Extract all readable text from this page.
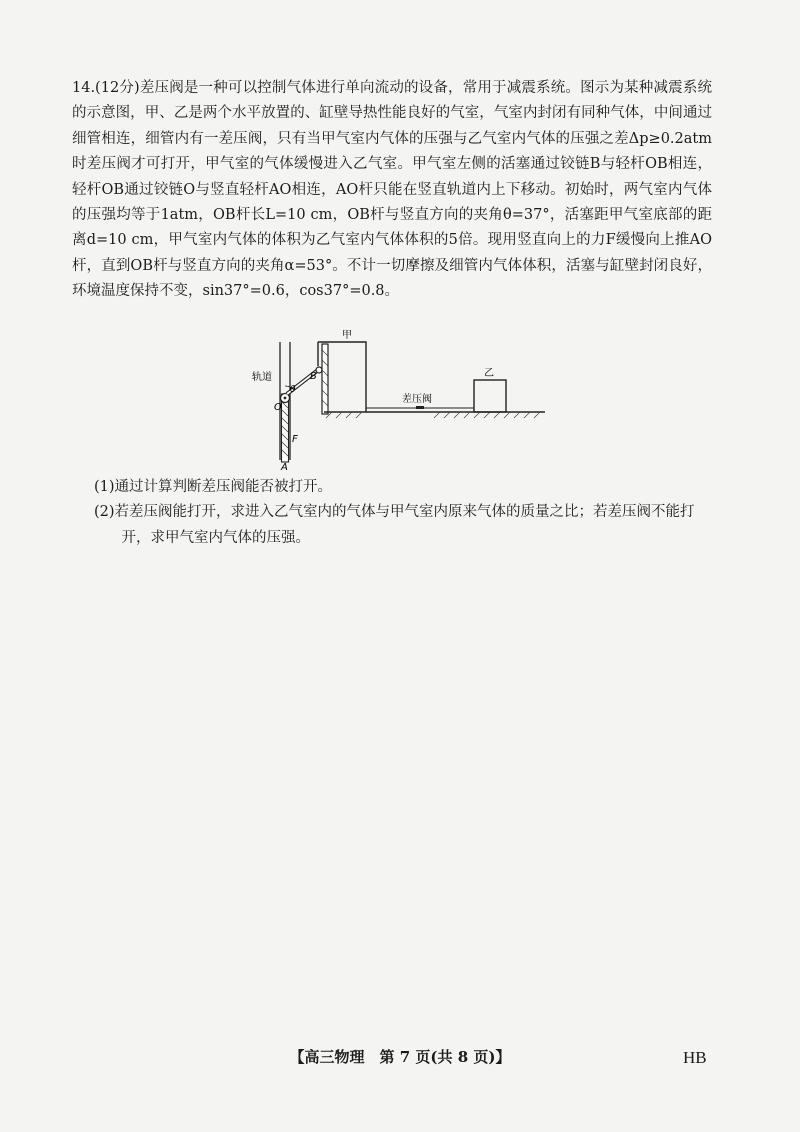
14.(12分)差压阀是一种可以控制气体进行单向流动的设备，常用于减震系统。图示为某种减震系统的示意图，甲、乙是两个水平放置的、缸壁导热性能良好的气室，气室内封闭有同种气体，中间通过细管相连，细管内有一差压阀，只有当甲气室内气体的压强与乙气室内气体的压强之差Δp≥0.2atm时差压阀才可打开，甲气室的气体缓慢进入乙气室。甲气室左侧的活塞通过铰链B与轻杆OB相连，轻杆OB通过铰链O与竖直轻杆AO相连，AO杆只能在竖直轨道内上下移动。初始时，两气室内气体的压强均等于1atm，OB杆长L=10 cm，OB杆与竖直方向的夹角θ=37°，活塞距甲气室底部的距离d=10 cm，甲气室内气体的体积为乙气室内气体体积的5倍。现用竖直向上的力F缓慢向上推AO杆，直到OB杆与竖直方向的夹角α=53°。不计一切摩擦及细管内气体体积，活塞与缸壁封闭良好，环境温度保持不变，sin37°=0.6，cos37°=0.8。

甲
乙
轨道
差压阀
B
O
θ
F
A

(1)通过计算判断差压阀能否被打开。

(2)若差压阀能打开，求进入乙气室内的气体与甲气室内原来气体的质量之比；若差压阀不能打开，求甲气室内气体的压强。

【高三物理　第 7 页(共 8 页)】	HB
